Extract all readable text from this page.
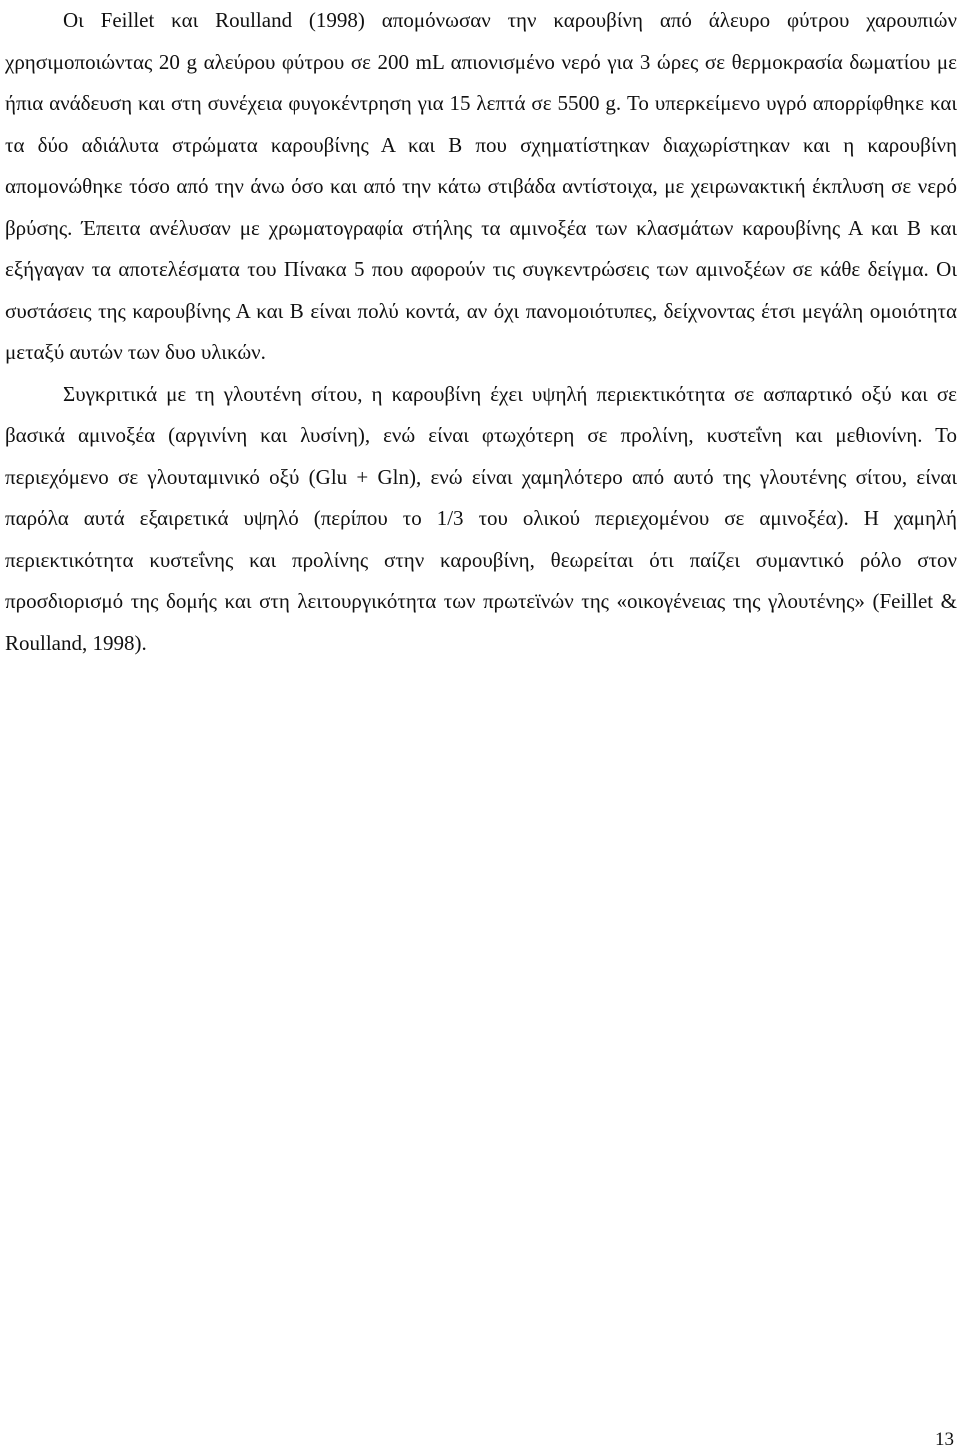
Οι Feillet και Roulland (1998) απομόνωσαν την καρουβίνη από άλευρο φύτρου χαρουπιών χρησιμοποιώντας 20 g αλεύρου φύτρου σε 200 mL απιονισμένο νερό για 3 ώρες σε θερμοκρασία δωματίου με ήπια ανάδευση και στη συνέχεια φυγοκέντρηση για 15 λεπτά σε 5500 g. Το υπερκείμενο υγρό απορρίφθηκε και τα δύο αδιάλυτα στρώματα καρουβίνης Α και Β που σχηματίστηκαν διαχωρίστηκαν και η καρουβίνη απομονώθηκε τόσο από την άνω όσο και από την κάτω στιβάδα αντίστοιχα, με χειρωνακτική έκπλυση σε νερό βρύσης. Έπειτα ανέλυσαν με χρωματογραφία στήλης τα αμινοξέα των κλασμάτων καρουβίνης Α και Β και εξήγαγαν τα αποτελέσματα του Πίνακα 5 που αφορούν τις συγκεντρώσεις των αμινοξέων σε κάθε δείγμα. Οι συστάσεις της καρουβίνης Α και Β είναι πολύ κοντά, αν όχι πανομοιότυπες, δείχνοντας έτσι μεγάλη ομοιότητα μεταξύ αυτών των δυο υλικών.

Συγκριτικά με τη γλουτένη σίτου, η καρουβίνη έχει υψηλή περιεκτικότητα σε ασπαρτικό οξύ και σε βασικά αμινοξέα (αργινίνη και λυσίνη), ενώ είναι φτωχότερη σε προλίνη, κυστεΐνη και μεθιονίνη. Το περιεχόμενο σε γλουταμινικό οξύ (Glu + Gln), ενώ είναι χαμηλότερο από αυτό της γλουτένης σίτου, είναι παρόλα αυτά εξαιρετικά υψηλό (περίπου το 1/3 του ολικού περιεχομένου σε αμινοξέα). Η χαμηλή περιεκτικότητα κυστεΐνης και προλίνης στην καρουβίνη, θεωρείται ότι παίζει συμαντικό ρόλο στον προσδιορισμό της δομής και στη λειτουργικότητα των πρωτεϊνών της «οικογένειας της γλουτένης» (Feillet & Roulland, 1998).

13
